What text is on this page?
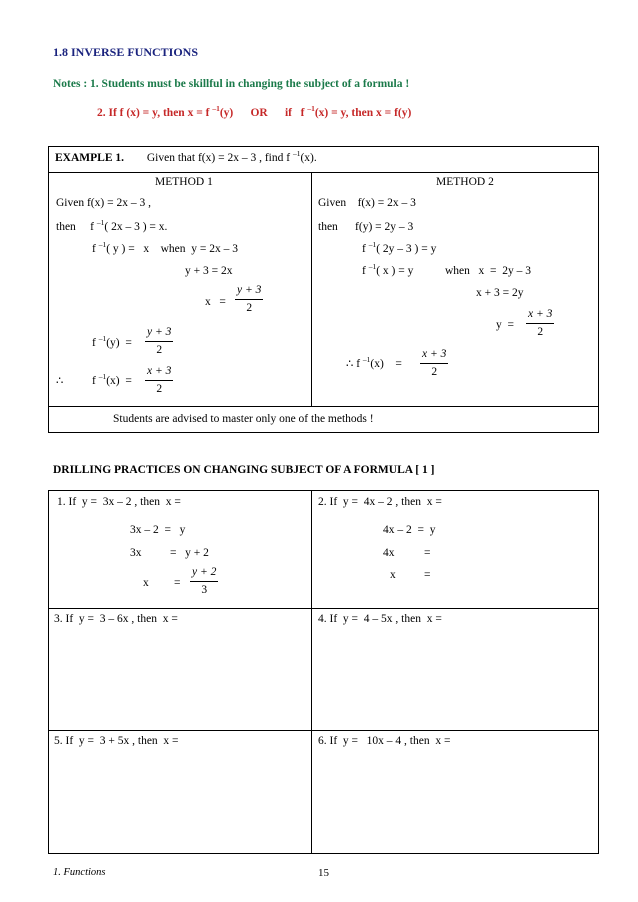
1.8 INVERSE FUNCTIONS
Notes : 1. Students must be skillful in changing the subject of a formula !
2. If f (x) = y, then x = f $^{-1}$(y)      OR      if   f $^{-1}$(x) = y, then x = f(y)
EXAMPLE 1. Given that f(x) = 2x – 3 , find f $^{-1}$(x).
METHOD 1
Given f(x) = 2x – 3 ,
then     f $^{-1}$( 2x – 3 ) = x.
f $^{-1}$( y ) =   x    when  y = 2x – 3
y + 3 = 2x
$x = \frac{y + 3}{2}$
f $^{-1}(y) = \frac{y + 3}{2}$
∴ f $^{-1}(x) = \frac{x + 3}{2}$
METHOD 2
Given    f(x) = 2x – 3
then      f(y) = 2y – 3
f $^{-1}$( 2y – 3 ) = y
f $^{-1}$( x ) = y           when   x  =  2y – 3
x + 3 = 2y
$y = \frac{x + 3}{2}$
∴ f $^{-1}$(x)    = $\frac{x + 3}{2}$
Students are advised to master only one of the methods !
DRILLING PRACTICES ON CHANGING SUBJECT OF A FORMULA [ 1 ]
1. If  y =  3x – 2 , then  x =
3x – 2  =   y
3x =   y + 2
$x = \frac{y + 2}{3}$
2. If  y =  4x – 2 , then  x =
4x – 2  =  y
4x	=
x =
3. If  y =  3 – 6x , then  x =	4. If  y =  4 – 5x , then  x =
5. If  y =  3 + 5x , then  x =	6. If  y =   10x – 4 , then  x =
1. Functions	15
